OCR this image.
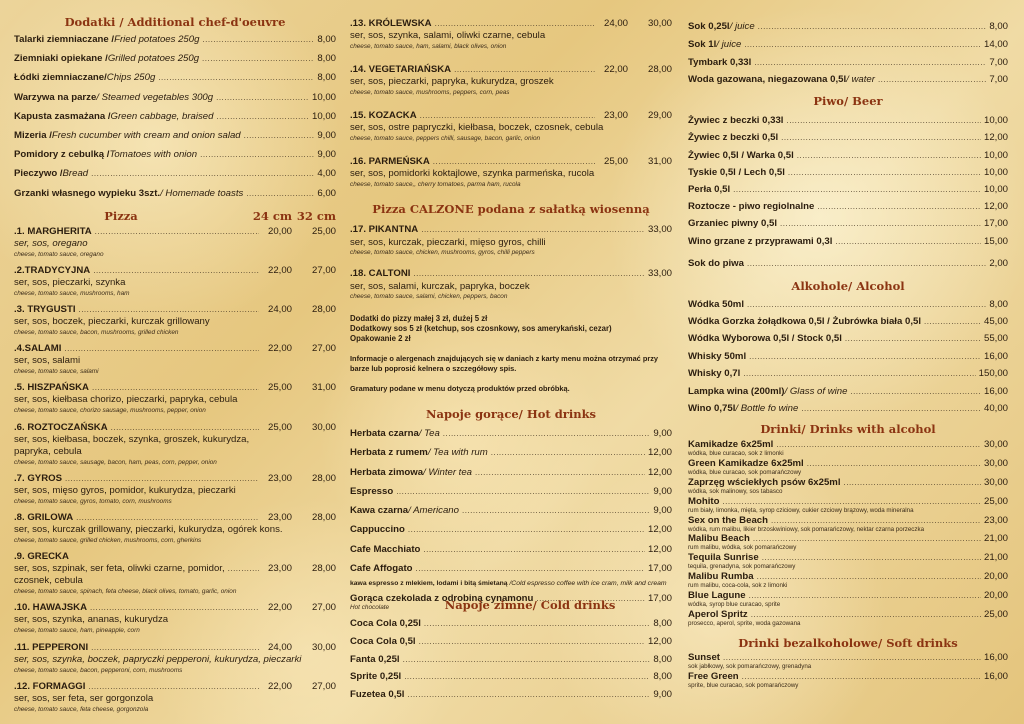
Dodatki / Additional chef-d'oeuvre
Talarki ziemniaczane / Fried potatoes 250g .....	8,00
Ziemniaki opiekane / Grilled potatoes 250g .....	8,00
Łódki ziemniaczane/ Chips 250g .....	8,00
Warzywa na parze / Steamed vegetables 300g .....	10,00
Kapusta zasmażana / Green cabbage, braised .....	10,00
Mizeria / Fresh cucumber with cream and onion salad .....	9,00
Pomidory z cebulką / Tomatoes with onion .....	9,00
Pieczywo / Bread .....	4,00
Grzanki własnego wypieku 3szt. / Homemade toasts .....	6,00
Pizza	24 cm 32 cm
.1. MARGHERITA .....	20,00	25,00
ser, sos, oregano
cheese, tomato sauce, oregano
.2.TRADYCYJNA .....	22,00	27,00
ser, sos, pieczarki, szynka
cheese, tomato sauce, mushrooms, ham
.3. TRYGUSTI .....	24,00	28,00
ser, sos, boczek, pieczarki, kurczak grillowany
cheese, tomato sauce, bacon, mushrooms, grilled chicken
.4.SALAMI .....	22,00	27,00
ser, sos, salami
cheese, tomato sauce, salami
.5. HISZPAŃSKA .....	25,00	31,00
ser, sos, kiełbasa chorizo, pieczarki, papryka, cebula
cheese, tomato sauce, chorizo sausage, mushrooms, pepper, onion
.6. ROZTOCZAŃSKA .....	25,00	30,00
ser, sos, kiełbasa, boczek, szynka, groszek, kukurydza,
papryka, cebula
cheese, tomato sauce, sausage, bacon, ham, peas, corn, pepper, onion
.7. GYROS .....	23,00	28,00
ser, sos, mięso gyros, pomidor, kukurydza, pieczarki
cheese, tomato sauce, gyros, tomato, corn, mushrooms
.8. GRILOWA .....	23,00	28,00
ser, sos, kurczak grillowany, pieczarki, kukurydza, ogórek kons.
cheese, tomato sauce, grilled chicken, mushrooms, corn, gherkins
.9. GRECKA
ser, sos, szpinak, ser feta, oliwki czarne, pomidor, .....	23,00	28,00
czosnek, cebula
cheese, tomato sauce, spinach, feta cheese, black olives, tomato, garlic, onion
.10. HAWAJSKA .....	22,00	27,00
ser, sos, szynka, ananas, kukurydza
cheese, tomato sauce, ham, pineapple, corn
.11. PEPPERONI .....	24,00	30,00
ser, sos, szynka, boczek, papryczki pepperoni, kukurydza, pieczarki
cheese, tomato sauce, bacon, pepperoni, corn, mushrooms
.12. FORMAGGI .....	22,00	27,00
ser, sos, ser feta, ser gorgonzola
cheese, tomato sauce, feta cheese, gorgonzola
.13. KRÓLEWSKA .....	24,00	30,00
ser, sos, szynka, salami, oliwki czarne, cebula
cheese, tomato sauce, ham, salami, black olives, onion
.14. VEGETARIAŃSKA .....	22,00	28,00
ser, sos, pieczarki, papryka, kukurydza, groszek
cheese, tomato sauce, mushrooms, peppers, corn, peas
.15. KOZACKA .....	23,00	29,00
ser, sos, ostre papryczki, kiełbasa, boczek, czosnek, cebula
cheese, tomato sauce, peppers chilli, sausage, bacon, garlic, onion
.16. PARMEŃSKA .....	25,00	31,00
ser, sos, pomidorki koktajlowe, szynka parmeńska, rucola
cheese, tomato sauce,, cherry tomatoes, parma ham, rucola
Pizza CALZONE podana z sałatką wiosenną
.17. PIKANTNA .....	33,00
ser, sos, kurczak, pieczarki, mięso gyros, chilli
cheese, tomato sauce, chicken, mushrooms, gyros, chilli peppers
.18. CALTONI .....	33,00
ser, sos, salami, kurczak, papryka, boczek
cheese, tomato sauce, salami, chicken, peppers, bacon
Dodatki do pizzy małej 3 zł, dużej 5 zł
Dodatkowy sos 5 zł (ketchup, sos czosnkowy, sos amerykański, cezar)
Opakowanie 2 zł
Informacje o alergenach znajdujących się w daniach z karty menu można otrzymać przy barze lub poprosić kelnera o szczegółowy spis.
Gramatury podane w menu dotyczą produktów przed obróbką.
Napoje gorące/ Hot drinks
Herbata czarna / Tea .....	9,00
Herbata z rumem / Tea with rum .....	12,00
Herbata zimowa / Winter tea .....	12,00
Espresso .....	9,00
Kawa czarna / Americano .....	9,00
Cappuccino .....	12,00
Cafe Macchiato .....	12,00
Cafe Affogato .....	17,00
kawa espresso z mlekiem, lodami i bitą śmietaną /Cold espresso coffee with ice cram, milk and cream
Gorąca czekolada z odrobiną cynamonu .....	17,00
Hot chocolate	Napoje zimne/ Cold drinks
Coca Cola 0,25l .....	8,00
Coca Cola 0,5l .....	12,00
Fanta 0,25l .....	8,00
Sprite 0,25l .....	8,00
Fuzetea 0,5l .....	9,00
Sok 0,25l / juice .....	8,00
Sok 1l / juice .....	14,00
Tymbark 0,33l .....	7,00
Woda gazowana, niegazowana 0,5l / water .....	7,00
Piwo/ Beer
Żywiec z beczki 0,33l .....	10,00
Żywiec z beczki 0,5l .....	12,00
Żywiec 0,5l / Warka 0,5l .....	10,00
Tyskie 0,5l / Lech 0,5l .....	10,00
Perła 0,5l .....	10,00
Roztocze - piwo regiolnalne .....	12,00
Grzaniec piwny 0,5l .....	17,00
Wino grzane z przyprawami 0,3l .....	15,00
Sok do piwa .....	2,00
Alkohole/ Alcohol
Wódka 50ml .....	8,00
Wódka Gorzka żołądkowa 0,5l / Żubrówka biała 0,5l .....	45,00
Wódka Wyborowa 0,5l / Stock 0,5l .....	55,00
Whisky 50ml .....	16,00
Whisky 0,7l .....	150,00
Lampka wina (200ml) / Glass of wine .....	16,00
Wino 0,75l / Bottle fo wine .....	40,00
Drinki/ Drinks with alcohol
Kamikadze 6x25ml .....	30,00
wódka, blue curacao, sok z limonki
Green Kamikadze 6x25ml .....	30,00
wódka, blue curacao, sok pomarańczowy
Zaprzęg wściekłych psów 6x25ml .....	30,00
wódka, sok malinowy, sos tabasco
Mohito .....	25,00
rum biały, limonka, mięta, syrop cziciowy, cukier czciowy brązowy, woda mineralna
Sex on the Beach .....	23,00
wódka, rum malibu, likier brzoskwiniowy, sok pomarańczowy, nektar czarna porzeczka
Malibu Beach .....	21,00
rum malibu, wódka, sok pomarańczowy
Tequila Sunrise .....	21,00
tequila, grenadyna, sok pomarańczowy
Malibu Rumba .....	20,00
rum malibu, coca-cola, sok z limonki
Blue Lagune .....	20,00
wódka, syrop blue curacao, sprite
Aperol Spritz .....	25,00
prosecco, aperol, sprite, woda gazowana
Drinki bezalkoholowe/ Soft drinks
Sunset .....	16,00
sok jabłkowy, sok pomarańczowy, grenadyna
Free Green .....	16,00
sprite, blue curacao, sok pomarańczowy
